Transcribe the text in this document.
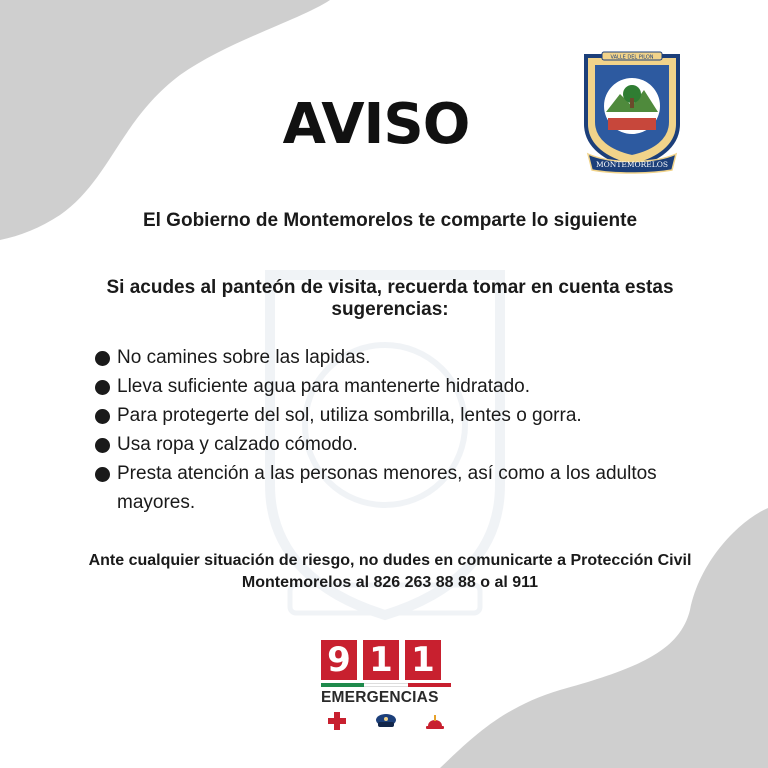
AVISO
MONTEMORELOS
VALLE DEL PILON
El Gobierno de Montemorelos te comparte lo siguiente
Si acudes al panteón de visita, recuerda tomar en cuenta estas sugerencias:
No camines sobre las lapidas.
Lleva suficiente agua para mantenerte hidratado.
Para protegerte del sol, utiliza sombrilla, lentes o gorra.
Usa ropa y calzado cómodo.
Presta atención a las personas menores, así como a los adultos mayores.
Ante cualquier situación de riesgo, no dudes en comunicarte a Protección Civil Montemorelos al 826 263 88 88 o al 911
9 1 1
EMERGENCIAS
